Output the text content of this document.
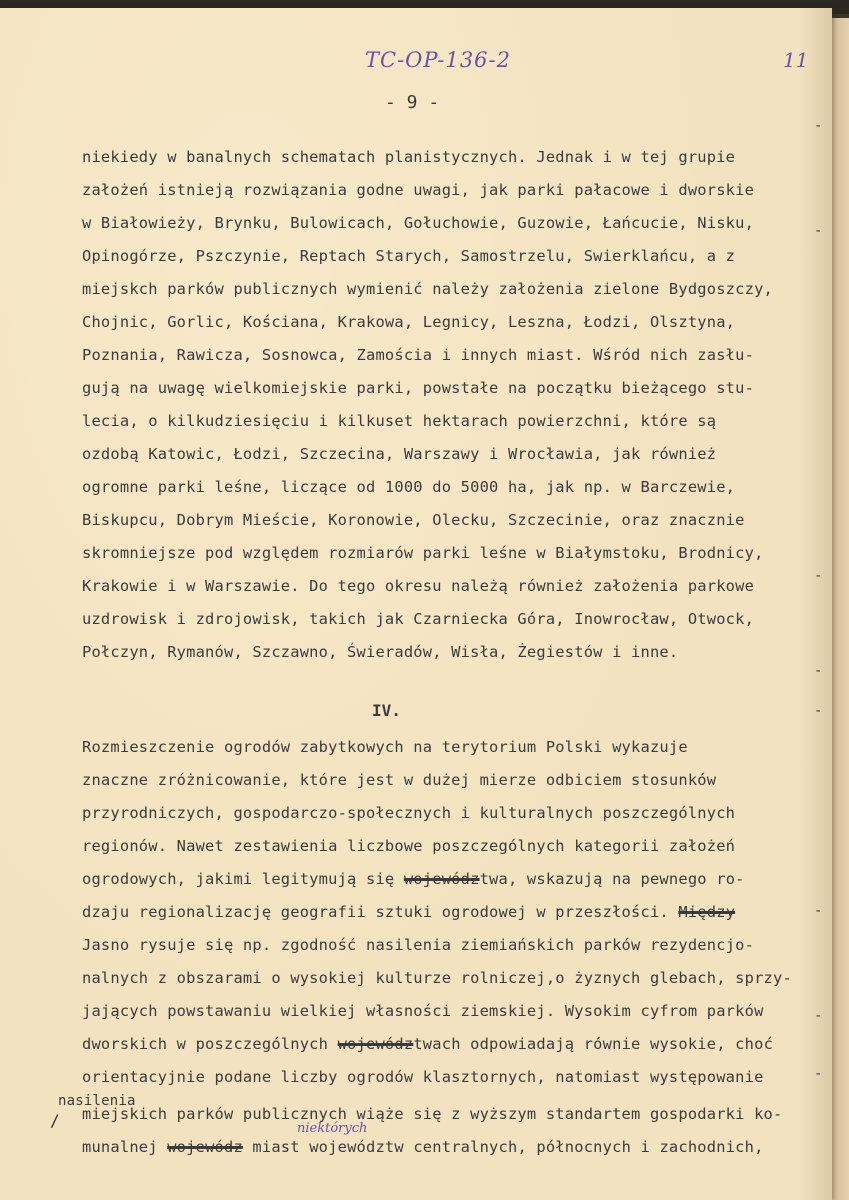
TC-OP-136-2	11
- 9 -
niekiedy w banalnych schematach planistycznych. Jednak i w tej grupie
założeń istnieją rozwiązania godne uwagi, jak parki pałacowe i dworskie
w Białowieży, Brynku, Bulowicach, Gołuchowie, Guzowie, Łańcucie, Nisku,
Opinogórze, Pszczynie, Reptach Starych, Samostrzelu, Swierklańcu, a z
miejskch parków publicznych wymienić należy założenia zielone Bydgoszczy,
Chojnic, Gorlic, Kościana, Krakowa, Legnicy, Leszna, Łodzi, Olsztyna,
Poznania, Rawicza, Sosnowca, Zamościa i innych miast. Wśród nich zasłu-
gują na uwagę wielkomiejskie parki, powstałe na początku bieżącego stu-
lecia, o kilkudziesięciu i kilkuset hektarach powierzchni, które są
ozdobą Katowic, Łodzi, Szczecina, Warszawy i Wrocławia, jak również
ogromne parki leśne, liczące od 1000 do 5000 ha, jak np. w Barczewie,
Biskupcu, Dobrym Mieście, Koronowie, Olecku, Szczecinie, oraz znacznie
skromniejsze pod względem rozmiarów parki leśne w Białymstoku, Brodnicy,
Krakowie i w Warszawie. Do tego okresu należą również założenia parkowe
uzdrowisk i zdrojowisk, takich jak Czarniecka Góra, Inowrocław, Otwock,
Połczyn, Rymanów, Szczawno, Świeradów, Wisła, Żegiestów i inne.
Rozmieszczenie ogrodów zabytkowych na terytorium Polski wykazuje
znaczne zróżnicowanie, które jest w dużej mierze odbiciem stosunków
przyrodniczych, gospodarczo-społecznych i kulturalnych poszczególnych
regionów. Nawet zestawienia liczbowe poszczególnych kategorii założeń
ogrodowych, jakimi legitymują się województwa, wskazują na pewnego ro-
dzaju regionalizację geografii sztuki ogrodowej w przeszłości. Między
Jasno rysuje się np. zgodność nasilenia ziemiańskich parków rezydencjo-
nalnych z obszarami o wysokiej kulturze rolniczej,o żyznych glebach, sprzy-
jających powstawaniu wielkiej własności ziemskiej. Wysokim cyfrom parków
dworskich w poszczególnych województwach odpowiadają równie wysokie, choć
orientacyjnie podane liczby ogrodów klasztornych, natomiast występowanie
nasilenia
miejskich parków publicznych wiąże się z wyższym standartem gospodarki ko-
munalnej wojewódz miast województw centralnych, północnych i zachodnich,
IV.
/	niektórych
-
-
-
-
-
-
-
-
